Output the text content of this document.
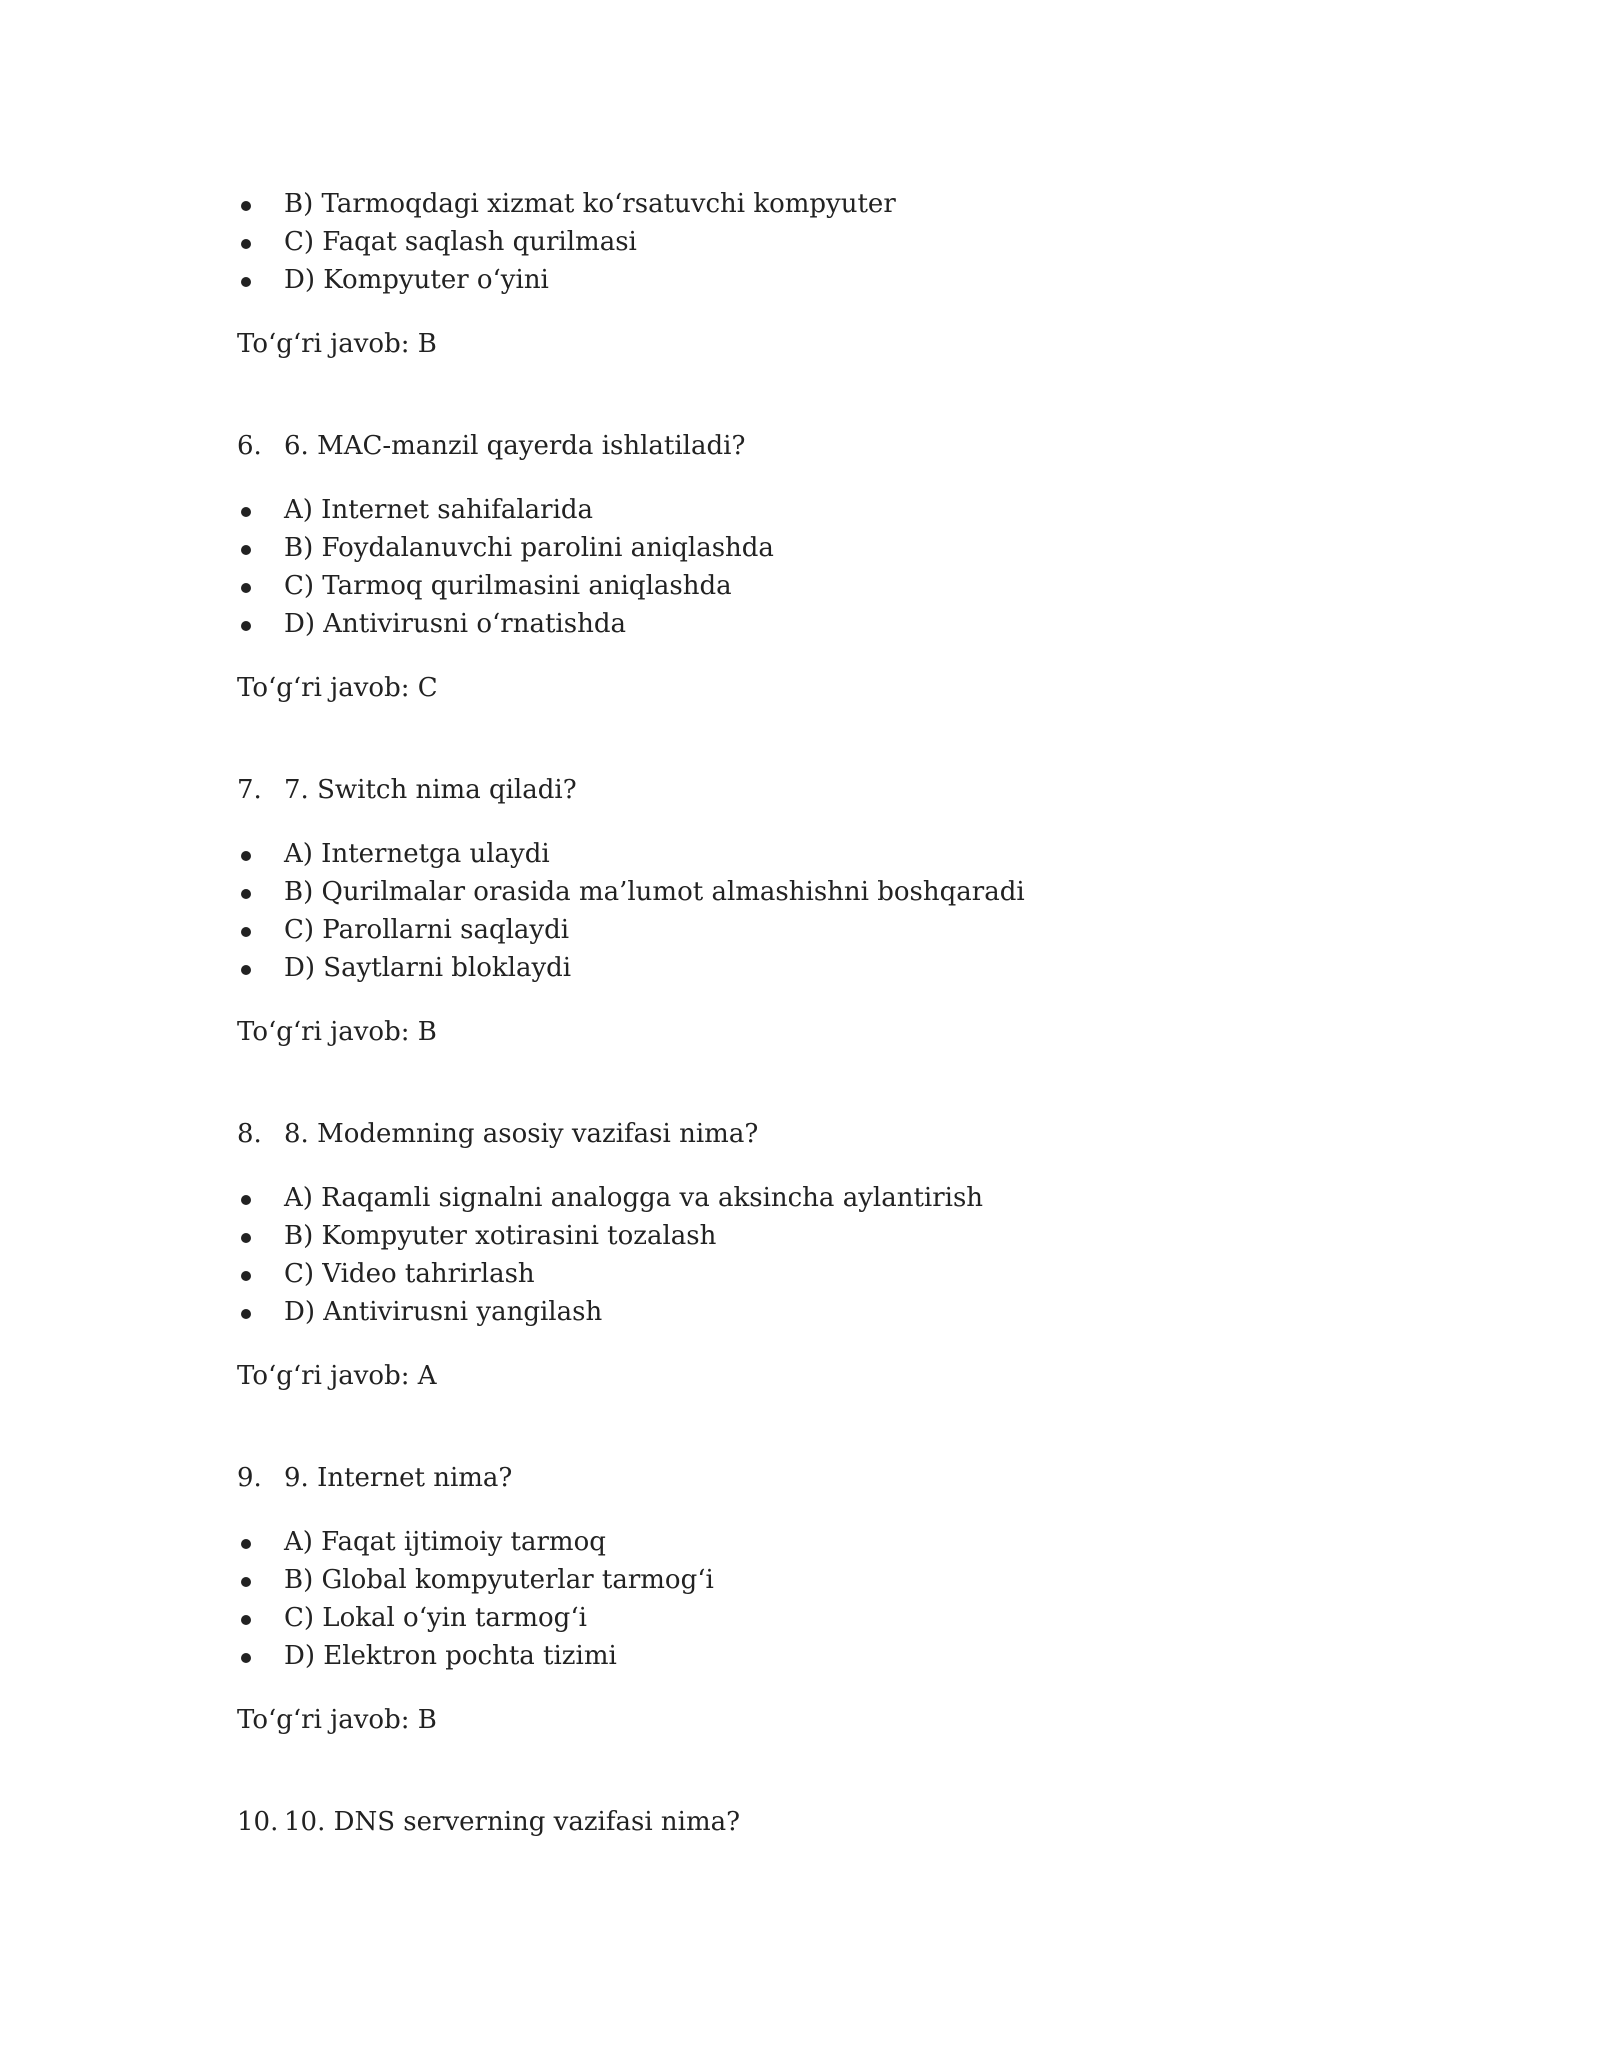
B) Tarmoqdagi xizmat ko‘rsatuvchi kompyuter
C) Faqat saqlash qurilmasi
D) Kompyuter o‘yini
To‘g‘ri javob: B
6. 6. MAC-manzil qayerda ishlatiladi?
A) Internet sahifalarida
B) Foydalanuvchi parolini aniqlashda
C) Tarmoq qurilmasini aniqlashda
D) Antivirusni o‘rnatishda
To‘g‘ri javob: C
7. 7. Switch nima qiladi?
A) Internetga ulaydi
B) Qurilmalar orasida ma’lumot almashishni boshqaradi
C) Parollarni saqlaydi
D) Saytlarni bloklaydi
To‘g‘ri javob: B
8. 8. Modemning asosiy vazifasi nima?
A) Raqamli signalni analogga va aksincha aylantirish
B) Kompyuter xotirasini tozalash
C) Video tahrirlash
D) Antivirusni yangilash
To‘g‘ri javob: A
9. 9. Internet nima?
A) Faqat ijtimoiy tarmoq
B) Global kompyuterlar tarmog‘i
C) Lokal o‘yin tarmog‘i
D) Elektron pochta tizimi
To‘g‘ri javob: B
10. 10. DNS serverning vazifasi nima?
